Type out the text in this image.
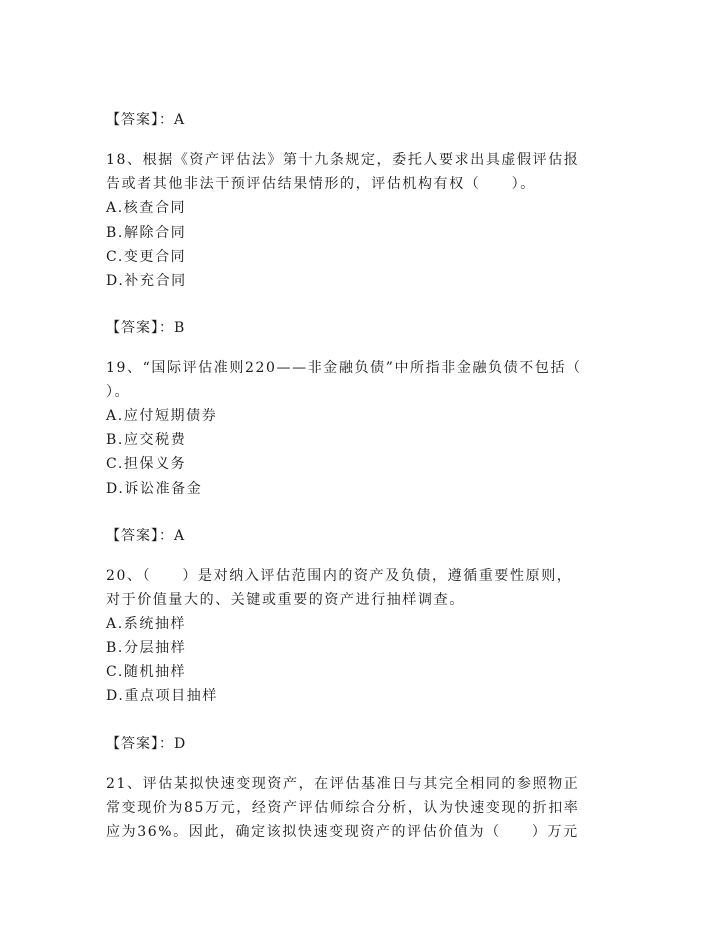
【答案】：A
18、根据《资产评估法》第十九条规定，委托人要求出具虚假评估报
告或者其他非法干预评估结果情形的，评估机构有权（　　）。
A.核查合同
B.解除合同
C.变更合同
D.补充合同
【答案】：B
19、“国际评估准则220——非金融负债”中所指非金融负债不包括（
）。
A.应付短期债券
B.应交税费
C.担保义务
D.诉讼准备金
【答案】：A
20、（　　）是对纳入评估范围内的资产及负债，遵循重要性原则，
对于价值量大的、关键或重要的资产进行抽样调查。
A.系统抽样
B.分层抽样
C.随机抽样
D.重点项目抽样
【答案】：D
21、评估某拟快速变现资产，在评估基准日与其完全相同的参照物正
常变现价为85万元，经资产评估师综合分析，认为快速变现的折扣率
应为36%。因此，确定该拟快速变现资产的评估价值为（　　）万元
